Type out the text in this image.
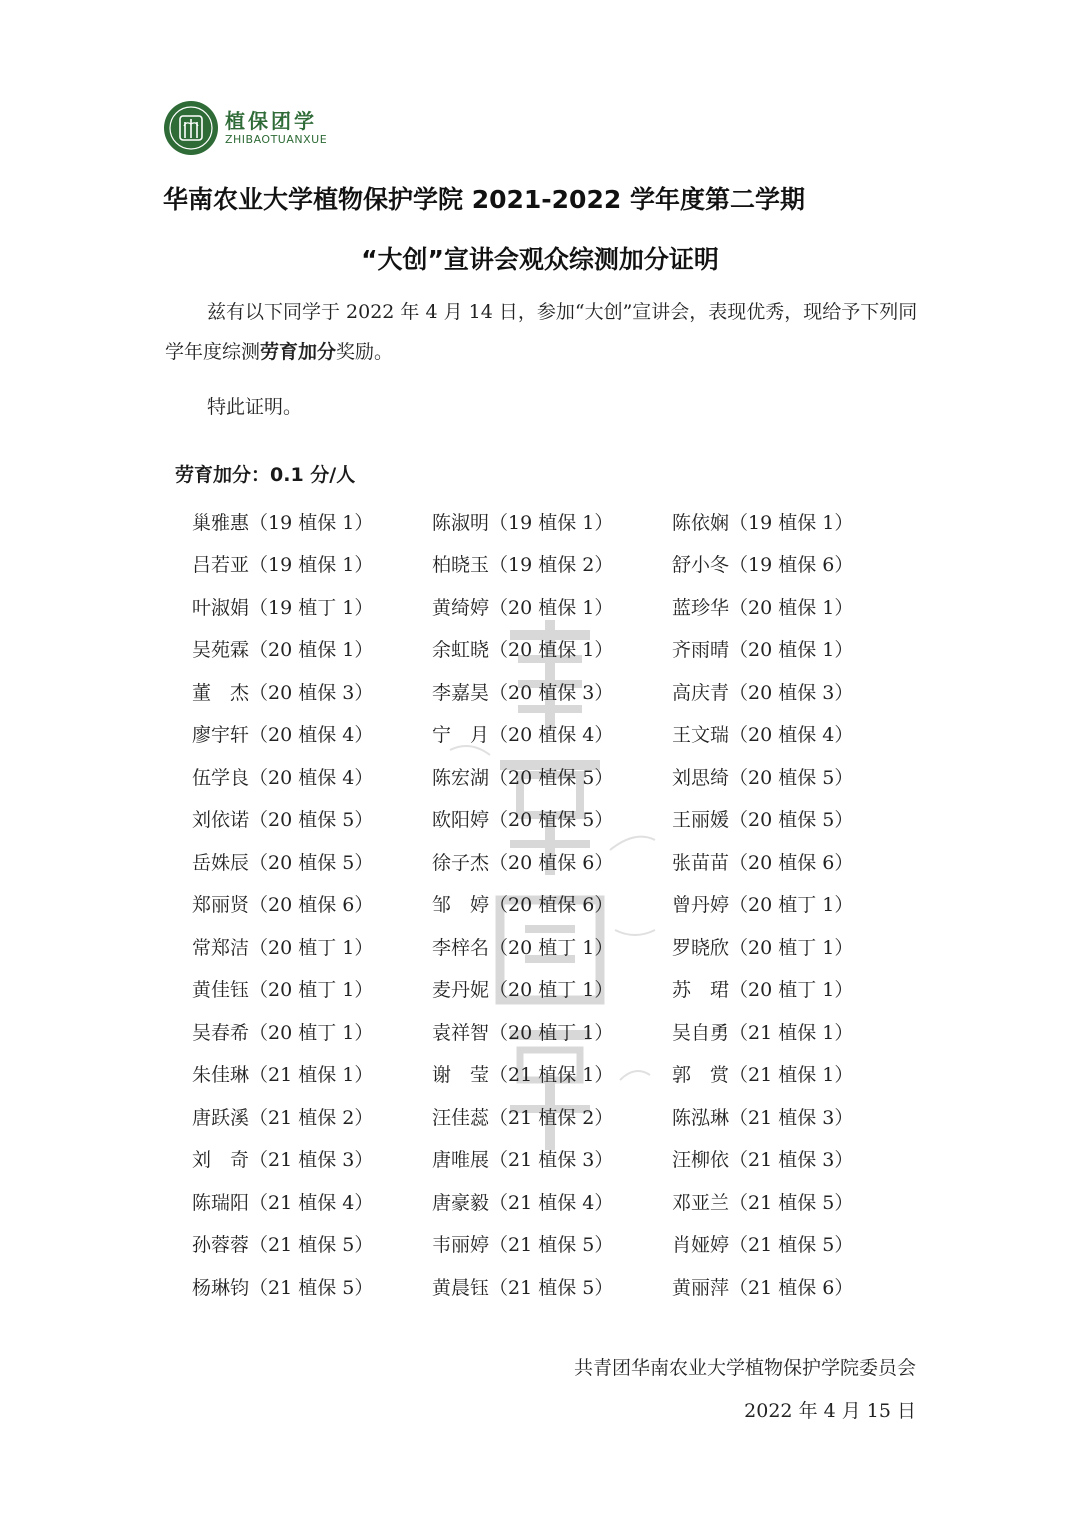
植保团学
ZHIBAOTUANXUE
华南农业大学植物保护学院 2021-2022 学年度第二学期
“大创”宣讲会观众综测加分证明
兹有以下同学于 2022 年 4 月 14 日，参加“大创”宣讲会，表现优秀，现给予下列同学年度综测劳育加分奖励。
特此证明。
劳育加分：0.1 分/人
巢雅惠（19 植保 1）	陈淑明（19 植保 1）	陈依娴（19 植保 1）
吕若亚（19 植保 1）	柏晓玉（19 植保 2）	舒小冬（19 植保 6）
叶淑娟（19 植丁 1）	黄绮婷（20 植保 1）	蓝珍华（20 植保 1）
吴苑霖（20 植保 1）	余虹晓（20 植保 1）	齐雨晴（20 植保 1）
董　杰（20 植保 3）	李嘉昊（20 植保 3）	高庆青（20 植保 3）
廖宇轩（20 植保 4）	宁　月（20 植保 4）	王文瑞（20 植保 4）
伍学良（20 植保 4）	陈宏湖（20 植保 5）	刘思绮（20 植保 5）
刘依诺（20 植保 5）	欧阳婷（20 植保 5）	王丽媛（20 植保 5）
岳姝辰（20 植保 5）	徐子杰（20 植保 6）	张苗苗（20 植保 6）
郑丽贤（20 植保 6）	邹　婷（20 植保 6）	曾丹婷（20 植丁 1）
常郑洁（20 植丁 1）	李梓名（20 植丁 1）	罗晓欣（20 植丁 1）
黄佳钰（20 植丁 1）	麦丹妮（20 植丁 1）	苏　珺（20 植丁 1）
吴春希（20 植丁 1）	袁祥智（20 植丁 1）	吴自勇（21 植保 1）
朱佳琳（21 植保 1）	谢　莹（21 植保 1）	郭　赏（21 植保 1）
唐跃溪（21 植保 2）	汪佳蕊（21 植保 2）	陈泓琳（21 植保 3）
刘　奇（21 植保 3）	唐唯展（21 植保 3）	汪柳依（21 植保 3）
陈瑞阳（21 植保 4）	唐豪毅（21 植保 4）	邓亚兰（21 植保 5）
孙蓉蓉（21 植保 5）	韦丽婷（21 植保 5）	肖娅婷（21 植保 5）
杨琳钧（21 植保 5）	黄晨钰（21 植保 5）	黄丽萍（21 植保 6）
共青团华南农业大学植物保护学院委员会
2022 年 4 月 15 日
